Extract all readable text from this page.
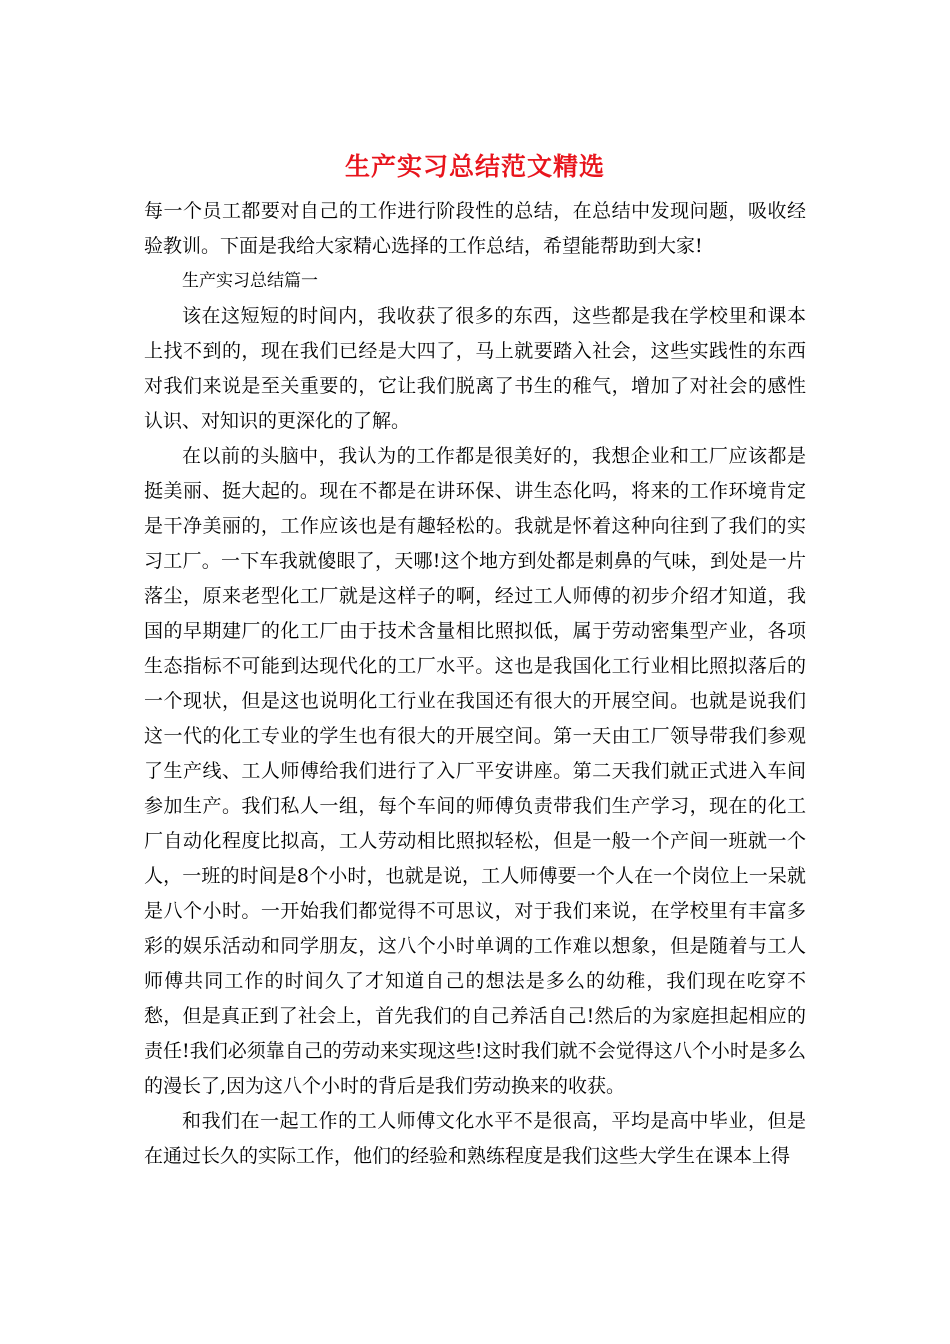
生产实习总结范文精选

每一个员工都要对自己的工作进行阶段性的总结，在总结中发现问题，吸收经验教训。下面是我给大家精心选择的工作总结，希望能帮助到大家!

生产实习总结篇一

该在这短短的时间内，我收获了很多的东西，这些都是我在学校里和课本上找不到的，现在我们已经是大四了，马上就要踏入社会，这些实践性的东西对我们来说是至关重要的，它让我们脱离了书生的稚气，增加了对社会的感性认识、对知识的更深化的了解。

在以前的头脑中，我认为的工作都是很美好的，我想企业和工厂应该都是挺美丽、挺大起的。现在不都是在讲环保、讲生态化吗，将来的工作环境肯定是干净美丽的，工作应该也是有趣轻松的。我就是怀着这种向往到了我们的实习工厂。一下车我就傻眼了，天哪!这个地方到处都是刺鼻的气味，到处是一片落尘，原来老型化工厂就是这样子的啊，经过工人师傅的初步介绍才知道，我国的早期建厂的化工厂由于技术含量相比照拟低，属于劳动密集型产业，各项生态指标不可能到达现代化的工厂水平。这也是我国化工行业相比照拟落后的一个现状，但是这也说明化工行业在我国还有很大的开展空间。也就是说我们这一代的化工专业的学生也有很大的开展空间。第一天由工厂领导带我们参观了生产线、工人师傅给我们进行了入厂平安讲座。第二天我们就正式进入车间参加生产。我们私人一组，每个车间的师傅负责带我们生产学习，现在的化工厂自动化程度比拟高，工人劳动相比照拟轻松，但是一般一个产间一班就一个人，一班的时间是8个小时，也就是说，工人师傅要一个人在一个岗位上一呆就是八个小时。一开始我们都觉得不可思议，对于我们来说，在学校里有丰富多彩的娱乐活动和同学朋友，这八个小时单调的工作难以想象，但是随着与工人师傅共同工作的时间久了才知道自己的想法是多么的幼稚，我们现在吃穿不愁，但是真正到了社会上，首先我们的自己养活自己!然后的为家庭担起相应的责任!我们必须靠自己的劳动来实现这些!这时我们就不会觉得这八个小时是多么的漫长了,因为这八个小时的背后是我们劳动换来的收获。

和我们在一起工作的工人师傅文化水平不是很高，平均是高中毕业，但是在通过长久的实际工作，他们的经验和熟练程度是我们这些大学生在课本上得
